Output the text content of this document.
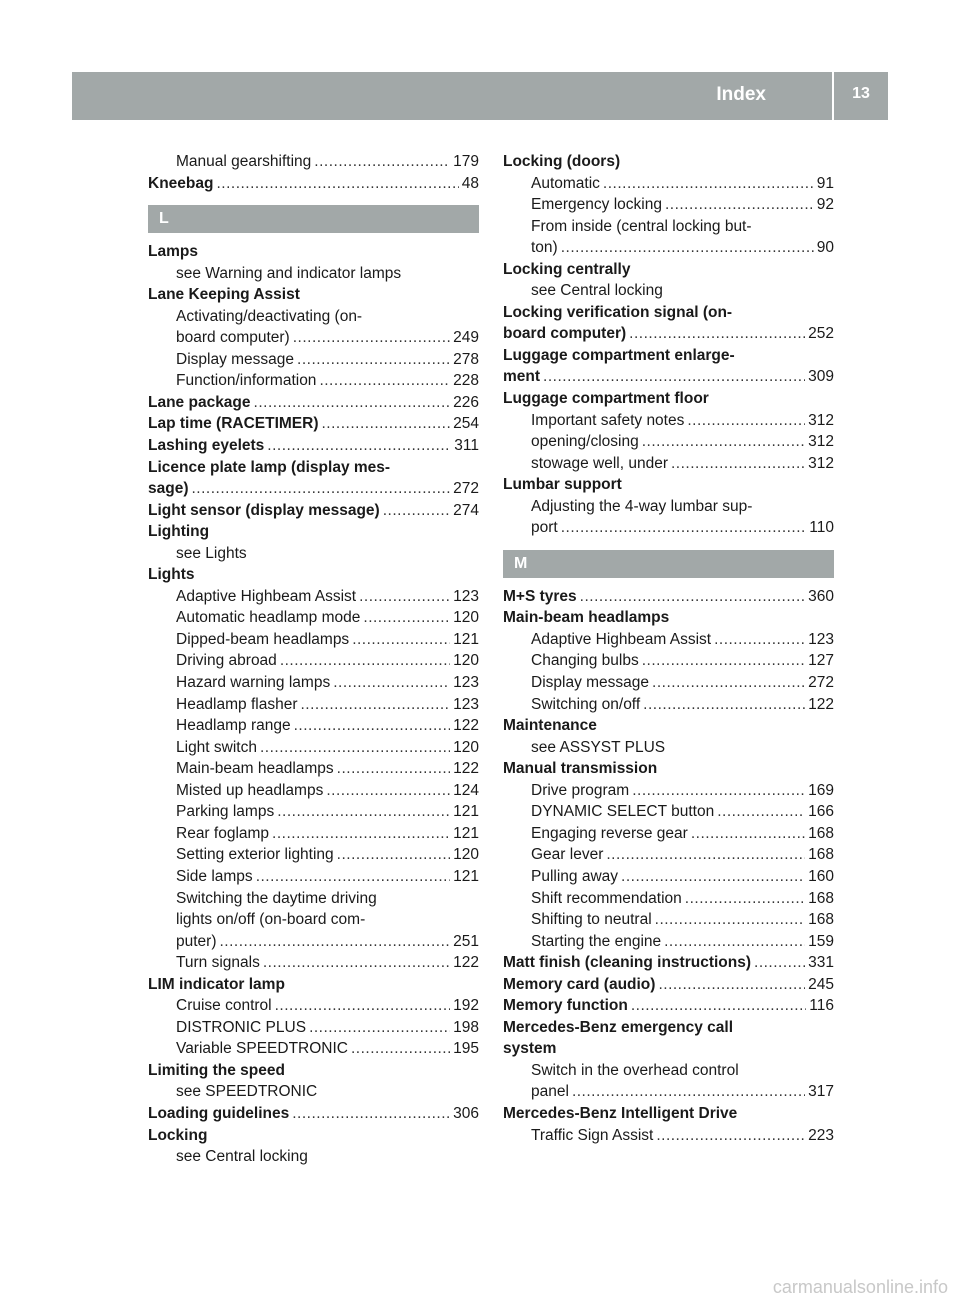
Index	13
Manual gearshifting .....	179
Kneebag .....	48
L
Lamps
see Warning and indicator lamps
Lane Keeping Assist
Activating/deactivating (on-
board computer) .....	249
Display message .....	278
Function/information .....	228
Lane package .....	226
Lap time (RACETIMER) .....	254
Lashing eyelets .....	311
Licence plate lamp (display mes-
sage) .....	272
Light sensor (display message) .....	274
Lighting
see Lights
Lights
Adaptive Highbeam Assist .....	123
Automatic headlamp mode .....	120
Dipped-beam headlamps .....	121
Driving abroad .....	120
Hazard warning lamps .....	123
Headlamp flasher .....	123
Headlamp range .....	122
Light switch .....	120
Main-beam headlamps .....	122
Misted up headlamps .....	124
Parking lamps .....	121
Rear foglamp .....	121
Setting exterior lighting .....	120
Side lamps .....	121
Switching the daytime driving
lights on/off (on-board com-
puter) .....	251
Turn signals .....	122
LIM indicator lamp
Cruise control .....	192
DISTRONIC PLUS .....	198
Variable SPEEDTRONIC .....	195
Limiting the speed
see SPEEDTRONIC
Loading guidelines .....	306
Locking
see Central locking
Locking (doors)
Automatic .....	91
Emergency locking .....	92
From inside (central locking but-
ton) .....	90
Locking centrally
see Central locking
Locking verification signal (on-
board computer) .....	252
Luggage compartment enlarge-
ment .....	309
Luggage compartment floor
Important safety notes .....	312
opening/closing .....	312
stowage well, under .....	312
Lumbar support
Adjusting the 4-way lumbar sup-
port .....	110
M
M+S tyres .....	360
Main-beam headlamps
Adaptive Highbeam Assist .....	123
Changing bulbs .....	127
Display message .....	272
Switching on/off .....	122
Maintenance
see ASSYST PLUS
Manual transmission
Drive program .....	169
DYNAMIC SELECT button .....	166
Engaging reverse gear .....	168
Gear lever .....	168
Pulling away .....	160
Shift recommendation .....	168
Shifting to neutral .....	168
Starting the engine .....	159
Matt finish (cleaning instructions) .....	331
Memory card (audio) .....	245
Memory function .....	116
Mercedes-Benz emergency call
system
Switch in the overhead control
panel .....	317
Mercedes-Benz Intelligent Drive
Traffic Sign Assist .....	223
carmanualsonline.info
